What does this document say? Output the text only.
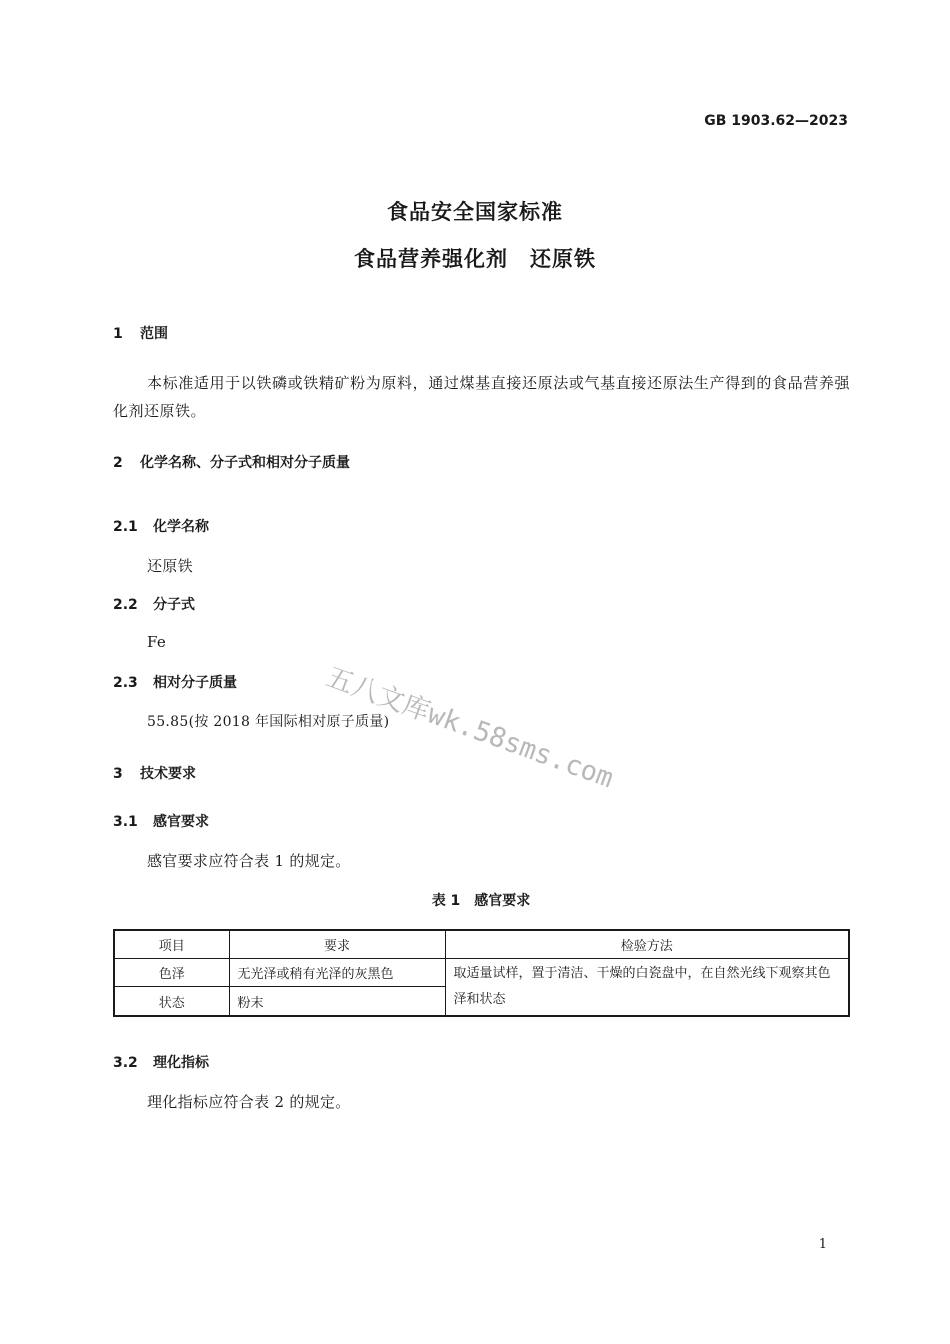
GB 1903.62—2023
食品安全国家标准
食品营养强化剂　还原铁
1 范围
本标准适用于以铁磷或铁精矿粉为原料，通过煤基直接还原法或气基直接还原法生产得到的食品营养强化剂还原铁。
2 化学名称、分子式和相对分子质量
2.1 化学名称
还原铁
2.2 分子式
Fe
2.3 相对分子质量
55.85(按 2018 年国际相对原子质量)
3 技术要求
3.1 感官要求
感官要求应符合表 1 的规定。
表 1　感官要求
项目	要求	检验方法
色泽	无光泽或稍有光泽的灰黑色	取适量试样，置于清洁、干燥的白瓷盘中，在自然光线下观察其色泽和状态
状态	粉末	
3.2 理化指标
理化指标应符合表 2 的规定。
五八文库wk.58sms.com
1
